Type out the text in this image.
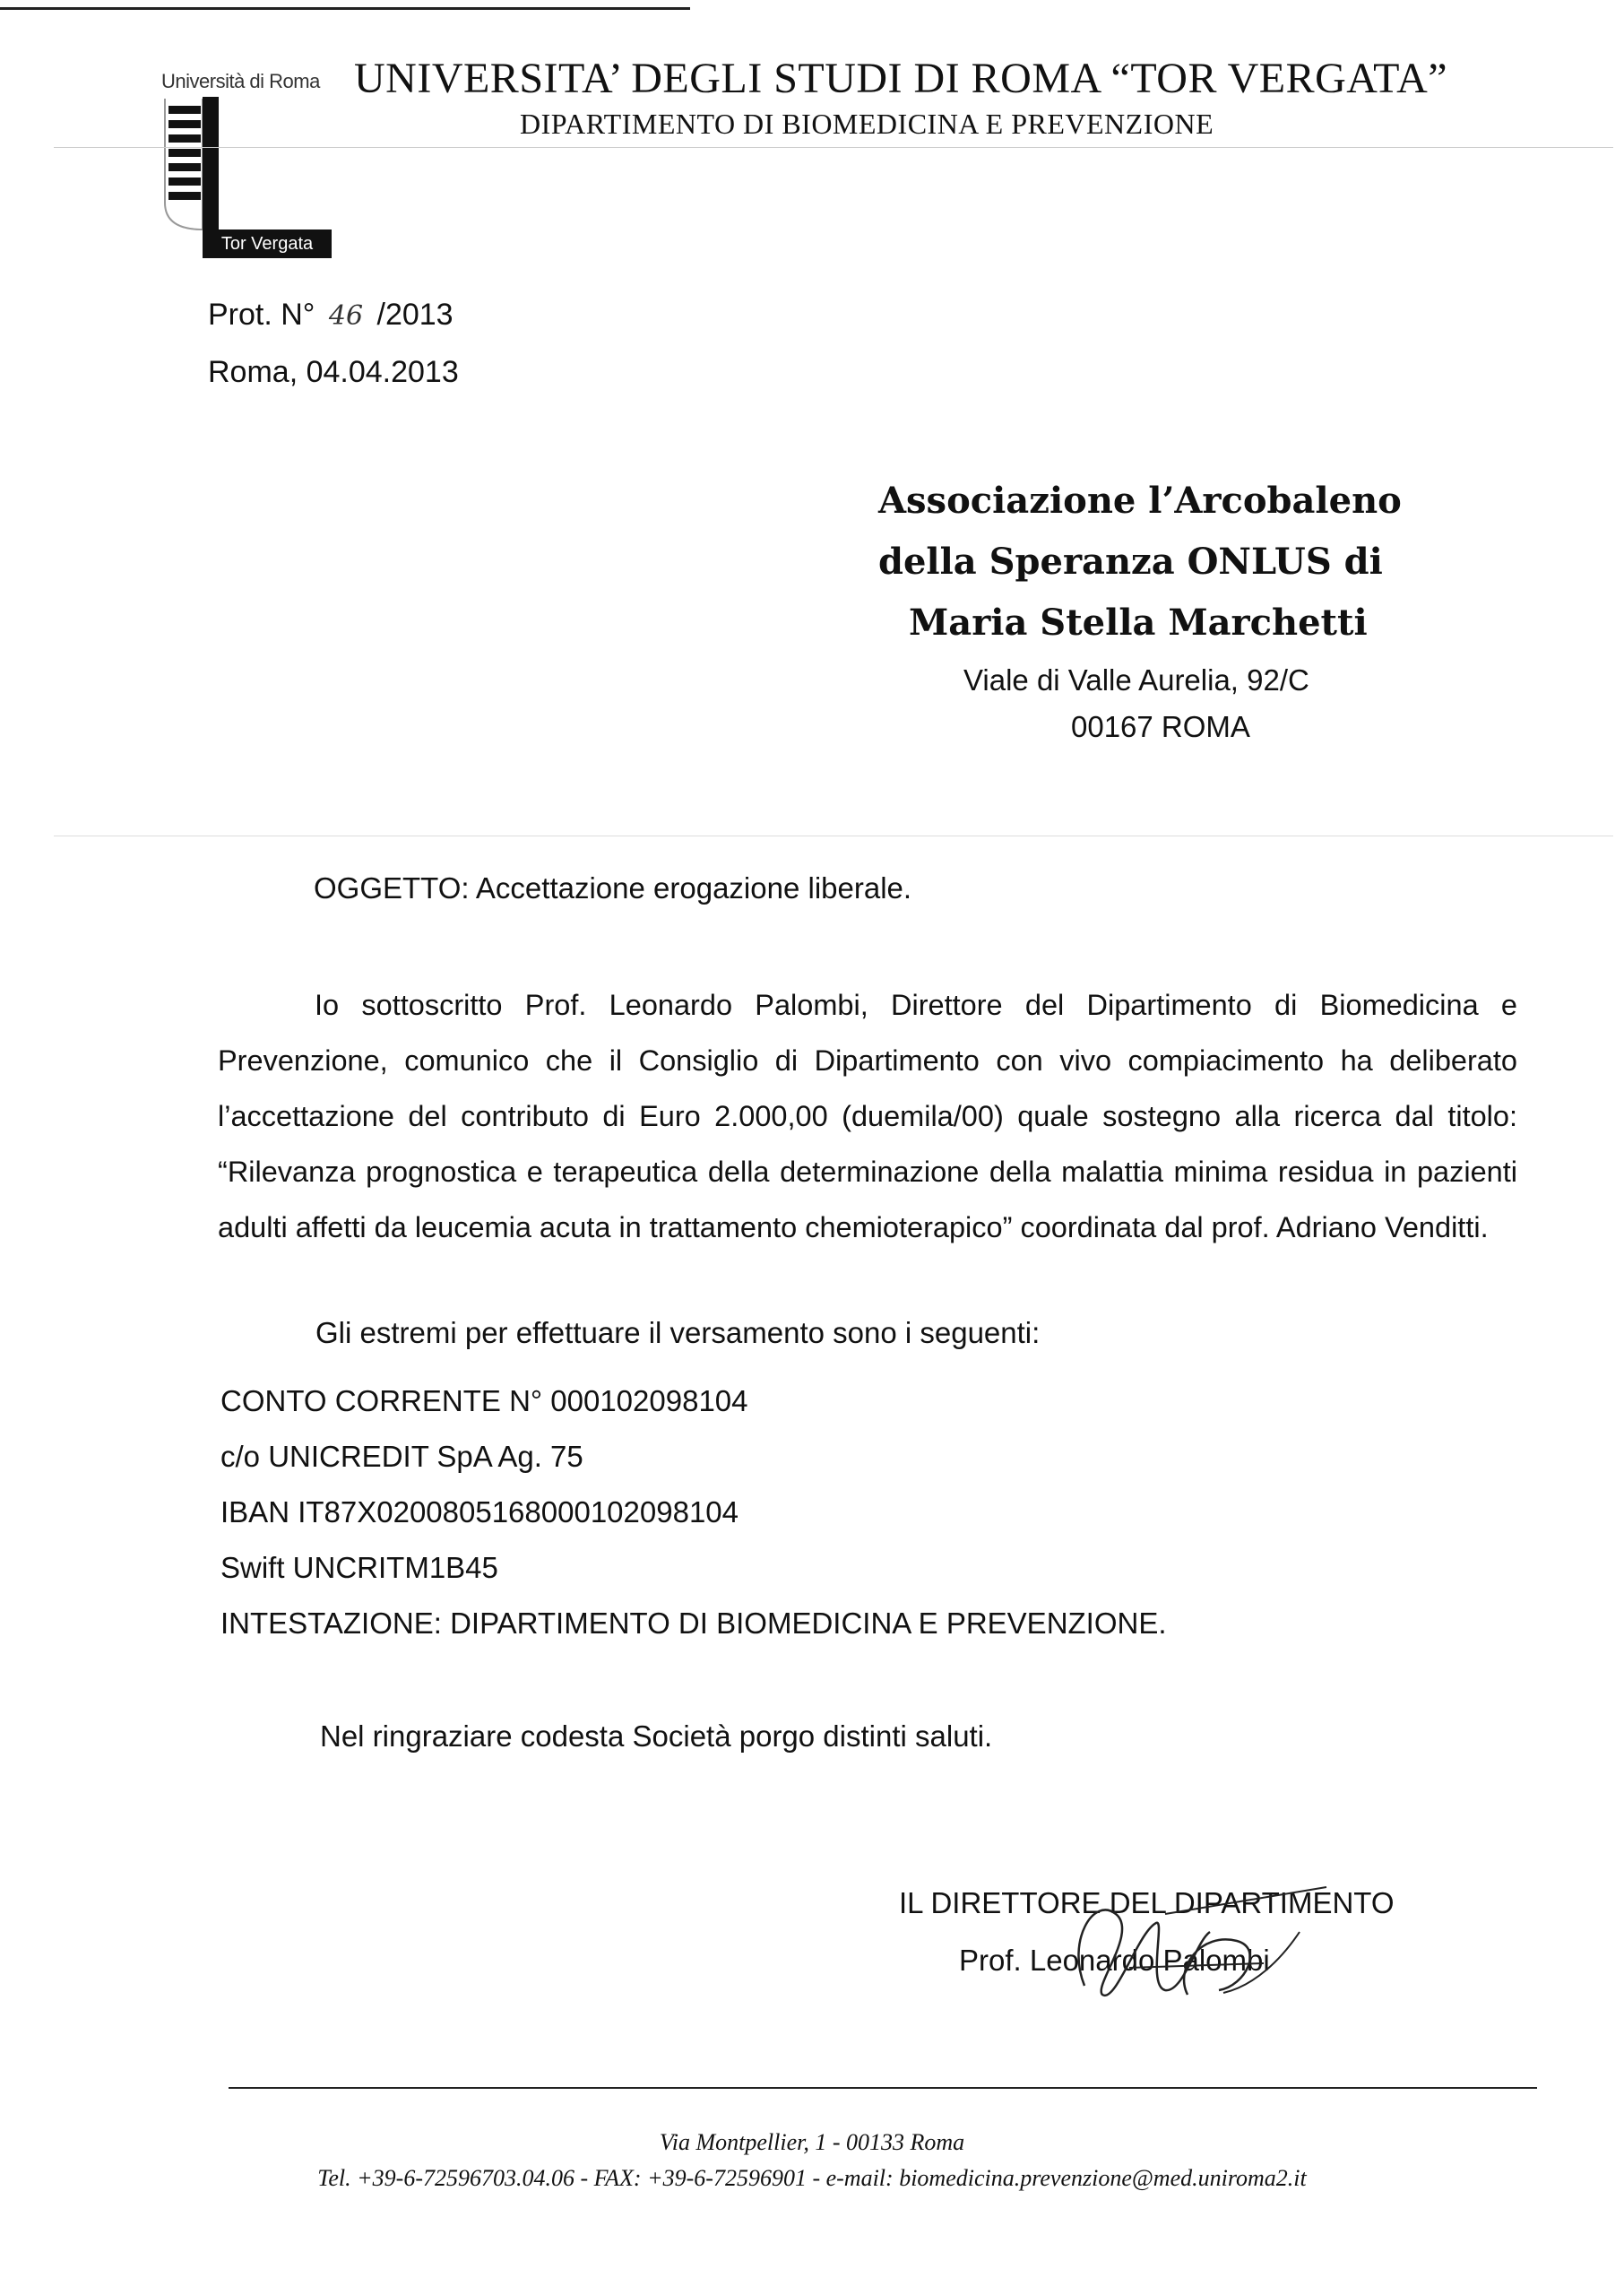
Università di Roma
Tor Vergata
UNIVERSITA’ DEGLI STUDI DI ROMA “TOR VERGATA”
DIPARTIMENTO DI BIOMEDICINA E PREVENZIONE
Prot. N° 46 /2013
Roma, 04.04.2013
Associazione l’Arcobaleno
della Speranza ONLUS di
Maria Stella Marchetti
Viale di Valle Aurelia, 92/C
00167 ROMA
OGGETTO: Accettazione erogazione liberale.
Io sottoscritto Prof. Leonardo Palombi, Direttore del Dipartimento di Biomedicina e Prevenzione, comunico che il Consiglio di Dipartimento con vivo compiacimento ha deliberato l’accettazione del contributo di Euro 2.000,00 (duemila/00) quale sostegno alla ricerca dal titolo: “Rilevanza prognostica e terapeutica della determinazione della malattia minima residua in pazienti adulti affetti da leucemia acuta in trattamento chemioterapico” coordinata dal prof. Adriano Venditti.
Gli estremi per effettuare il versamento sono i seguenti:
CONTO CORRENTE N° 000102098104
c/o UNICREDIT SpA Ag. 75
IBAN IT87X0200805168000102098104
Swift UNCRITM1B45
INTESTAZIONE: DIPARTIMENTO DI BIOMEDICINA E PREVENZIONE.
Nel ringraziare codesta Società porgo distinti saluti.
IL DIRETTORE DEL DIPARTIMENTO
Prof. Leonardo Palombi
Via Montpellier, 1 - 00133 Roma
Tel. +39-6-72596703.04.06 - FAX: +39-6-72596901 - e-mail: biomedicina.prevenzione@med.uniroma2.it
